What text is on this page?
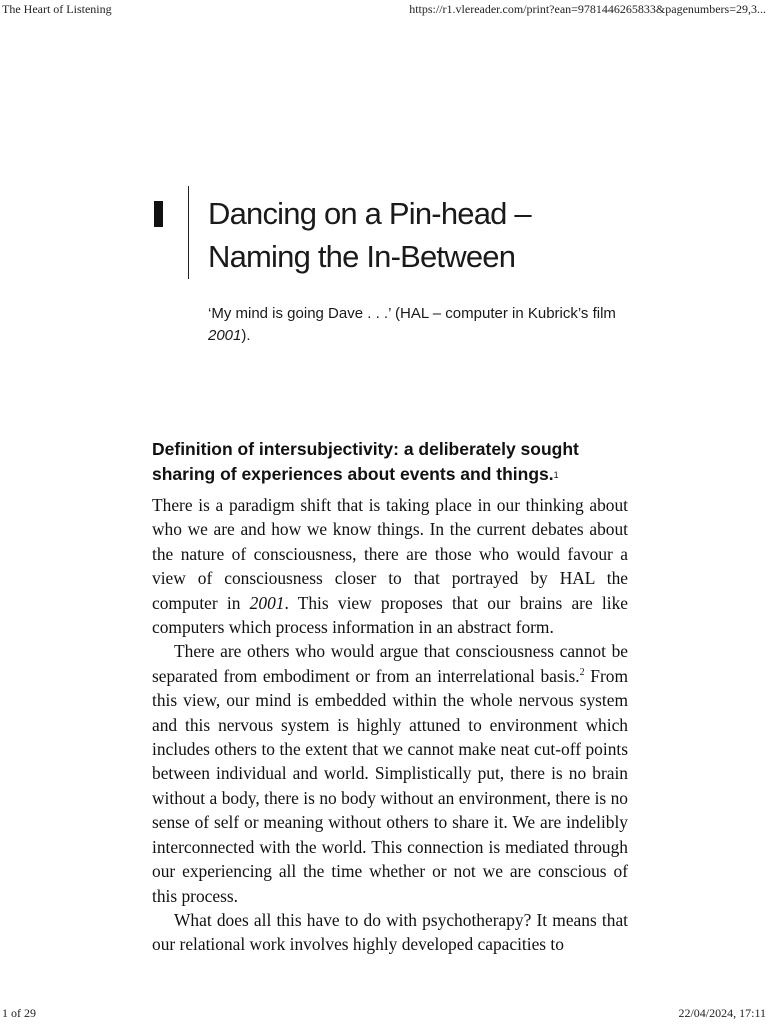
The Heart of Listening	https://r1.vlereader.com/print?ean=9781446265833&pagenumbers=29,3...
Dancing on a Pin-head –
Naming the In-Between
‘My mind is going Dave . . .’ (HAL – computer in Kubrick’s film 2001).
Definition of intersubjectivity: a deliberately sought sharing of experiences about events and things.$^1$

There is a paradigm shift that is taking place in our thinking about who we are and how we know things. In the current debates about the nature of consciousness, there are those who would favour a view of consciousness closer to that portrayed by HAL the computer in 2001. This view proposes that our brains are like computers which process information in an abstract form.

There are others who would argue that consciousness cannot be separated from embodiment or from an interrelational basis.$^2$ From this view, our mind is embedded within the whole nervous system and this nervous system is highly attuned to environment which includes others to the extent that we cannot make neat cut-off points between individual and world. Simplistically put, there is no brain without a body, there is no body without an environment, there is no sense of self or meaning without others to share it. We are indelibly interconnected with the world. This connection is mediated through our experiencing all the time whether or not we are conscious of this process.

What does all this have to do with psychotherapy? It means that our relational work involves highly developed capacities to

1 of 29	22/04/2024, 17:11
